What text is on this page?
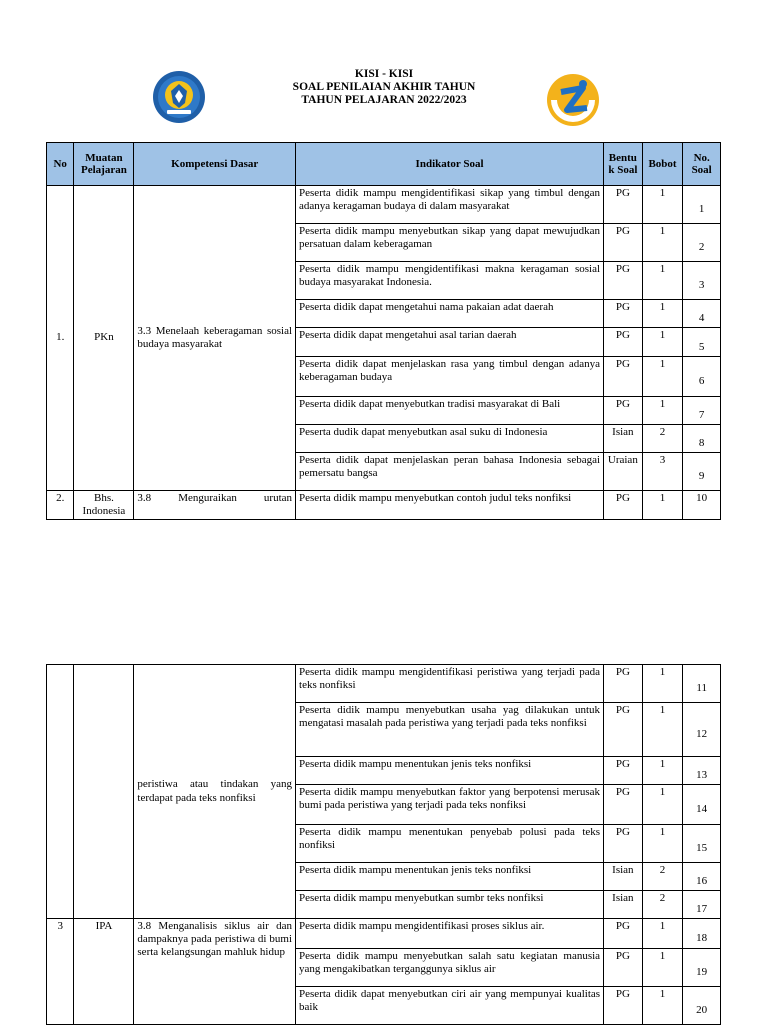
KISI - KISI
SOAL PENILAIAN AKHIR TAHUN
TAHUN PELAJARAN 2022/2023
No	Muatan Pelajaran	Kompetensi Dasar	Indikator Soal	Bentu k Soal	Bobot	No. Soal
1.	PKn	3.3 Menelaah keberagaman sosial budaya masyarakat	Peserta didik mampu mengidentifikasi sikap yang timbul dengan adanya keragaman budaya di dalam masyarakat	PG	1	1
			Peserta didik mampu menyebutkan sikap yang dapat mewujudkan persatuan dalam keberagaman	PG	1	2
			Peserta didik mampu mengidentifikasi makna keragaman sosial budaya masyarakat Indonesia.	PG	1	3
			Peserta didik dapat mengetahui nama pakaian adat daerah	PG	1	4
			Peserta didik dapat mengetahui asal tarian daerah	PG	1	5
			Peserta didik dapat menjelaskan rasa yang timbul dengan adanya keberagaman budaya	PG	1	6
			Peserta didik dapat menyebutkan tradisi masyarakat di Bali	PG	1	7
			Peserta dudik dapat menyebutkan asal suku di Indonesia	Isian	2	8
			Peserta didik dapat menjelaskan peran bahasa Indonesia sebagai pemersatu bangsa	Uraian	3	9
2.	Bhs. Indonesia	3.8 Menguraikan urutan	Peserta didik mampu menyebutkan contoh judul teks nonfiksi	PG	1	10
		peristiwa atau tindakan yang terdapat pada teks nonfiksi	Peserta didik mampu mengidentifikasi peristiwa yang terjadi pada teks nonfiksi	PG	1	11
			Peserta didik mampu menyebutkan usaha yag dilakukan untuk mengatasi masalah pada peristiwa yang terjadi pada teks nonfiksi	PG	1	12
			Peserta didik mampu menentukan jenis teks nonfiksi	PG	1	13
			Peserta didik mampu menyebutkan faktor yang berpotensi merusak bumi pada peristiwa yang terjadi pada teks nonfiksi	PG	1	14
			Peserta didik mampu menentukan penyebab polusi pada teks nonfiksi	PG	1	15
			Peserta didik mampu menentukan jenis teks nonfiksi	Isian	2	16
			Peserta didik mampu menyebutkan sumbr teks nonfiksi	Isian	2	17
3	IPA	3.8 Menganalisis siklus air dan dampaknya pada peristiwa di bumi serta kelangsungan mahluk hidup	Peserta didik mampu mengidentifikasi proses siklus air.	PG	1	18
			Peserta didik mampu menyebutkan salah satu kegiatan manusia yang mengakibatkan terganggunya siklus air	PG	1	19
			Peserta didik dapat menyebutkan ciri air yang mempunyai kualitas baik	PG	1	20
